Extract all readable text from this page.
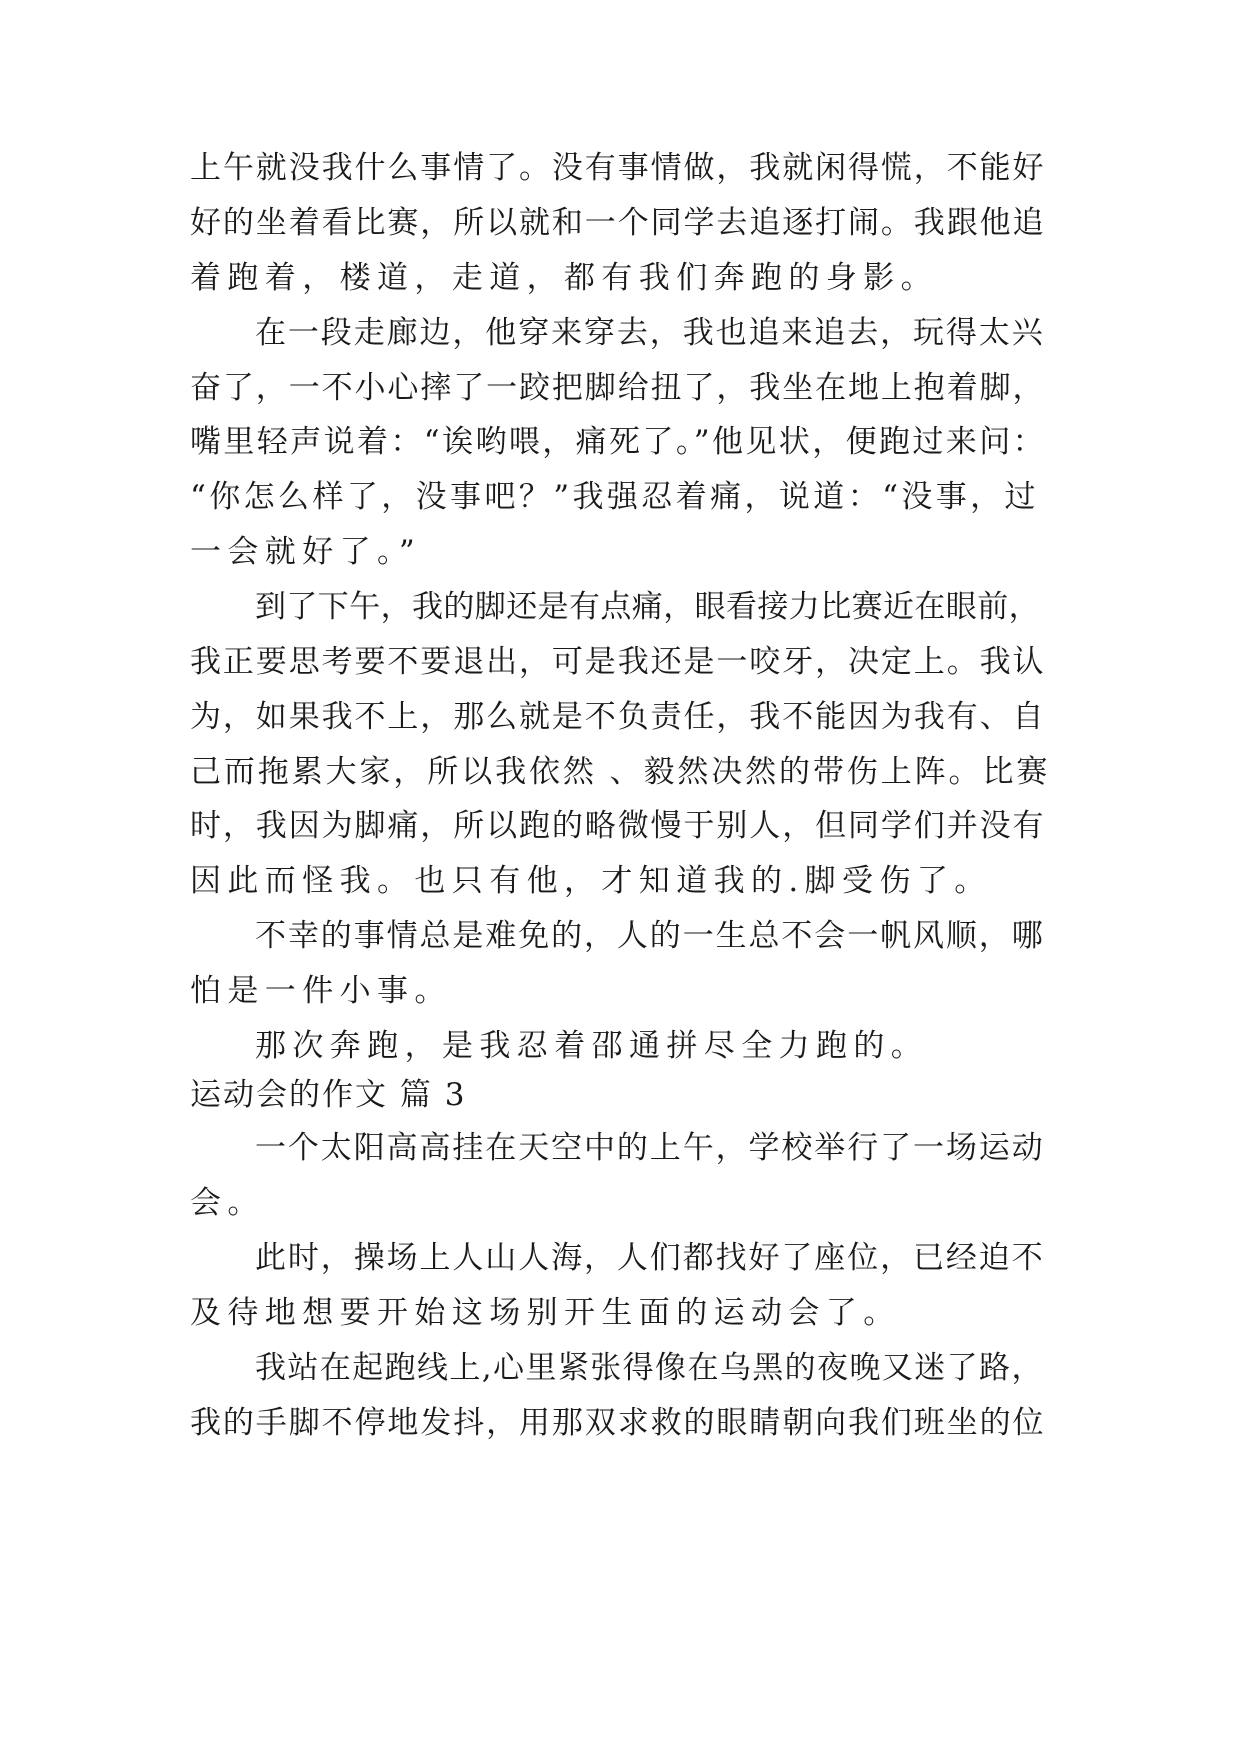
上午就没我什么事情了。没有事情做，我就闲得慌，不能好
好的坐着看比赛，所以就和一个同学去追逐打闹。我跟他追
着跑着，楼道，走道，都有我们奔跑的身影。
在一段走廊边，他穿来穿去，我也追来追去，玩得太兴
奋了，一不小心摔了一跤把脚给扭了，我坐在地上抱着脚，
嘴里轻声说着：“诶哟喂，痛死了。”他见状，便跑过来问：
“你怎么样了，没事吧？”我强忍着痛，说道：“没事，过
一会就好了。”
到了下午，我的脚还是有点痛，眼看接力比赛近在眼前，
我正要思考要不要退出，可是我还是一咬牙，决定上。我认
为，如果我不上，那么就是不负责任，我不能因为我有、自
己而拖累大家，所以我依然 、毅然决然的带伤上阵。比赛
时，我因为脚痛，所以跑的略微慢于别人，但同学们并没有
因此而怪我。也只有他，才知道我的.脚受伤了。
不幸的事情总是难免的，人的一生总不会一帆风顺，哪
怕是一件小事。
那次奔跑，是我忍着邵通拼尽全力跑的。
运动会的作文 篇 3
一个太阳高高挂在天空中的上午，学校举行了一场运动
会。
此时，操场上人山人海，人们都找好了座位，已经迫不
及待地想要开始这场别开生面的运动会了。
我站在起跑线上,心里紧张得像在乌黑的夜晚又迷了路，
我的手脚不停地发抖，用那双求救的眼睛朝向我们班坐的位
